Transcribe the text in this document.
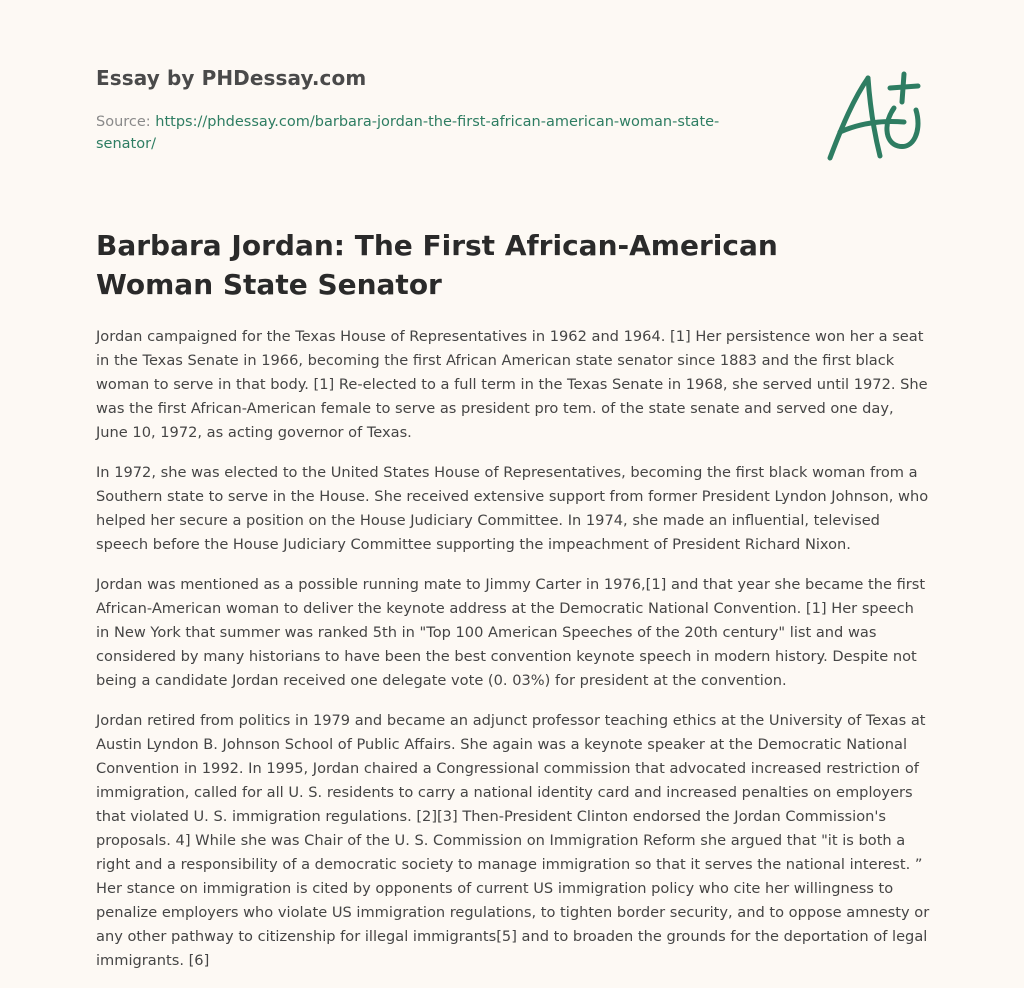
Essay by PHDessay.com

Source: https://phdessay.com/barbara-jordan-the-first-african-american-woman-state-senator/

Barbara Jordan: The First African-American Woman State Senator

Jordan campaigned for the Texas House of Representatives in 1962 and 1964. [1] Her persistence won her a seat in the Texas Senate in 1966, becoming the first African American state senator since 1883 and the first black woman to serve in that body. [1] Re-elected to a full term in the Texas Senate in 1968, she served until 1972. She was the first African-American female to serve as president pro tem. of the state senate and served one day, June 10, 1972, as acting governor of Texas.

In 1972, she was elected to the United States House of Representatives, becoming the first black woman from a Southern state to serve in the House. She received extensive support from former President Lyndon Johnson, who helped her secure a position on the House Judiciary Committee. In 1974, she made an influential, televised speech before the House Judiciary Committee supporting the impeachment of President Richard Nixon.

Jordan was mentioned as a possible running mate to Jimmy Carter in 1976,[1] and that year she became the first African-American woman to deliver the keynote address at the Democratic National Convention. [1] Her speech in New York that summer was ranked 5th in "Top 100 American Speeches of the 20th century" list and was considered by many historians to have been the best convention keynote speech in modern history. Despite not being a candidate Jordan received one delegate vote (0. 03%) for president at the convention.

Jordan retired from politics in 1979 and became an adjunct professor teaching ethics at the University of Texas at Austin Lyndon B. Johnson School of Public Affairs. She again was a keynote speaker at the Democratic National Convention in 1992. In 1995, Jordan chaired a Congressional commission that advocated increased restriction of immigration, called for all U. S. residents to carry a national identity card and increased penalties on employers that violated U. S. immigration regulations. [2][3] Then-President Clinton endorsed the Jordan Commission's proposals. 4] While she was Chair of the U. S. Commission on Immigration Reform she argued that "it is both a right and a responsibility of a democratic society to manage immigration so that it serves the national interest. ” Her stance on immigration is cited by opponents of current US immigration policy who cite her willingness to penalize employers who violate US immigration regulations, to tighten border security, and to oppose amnesty or any other pathway to citizenship for illegal immigrants[5] and to broaden the grounds for the deportation of legal immigrants. [6]
